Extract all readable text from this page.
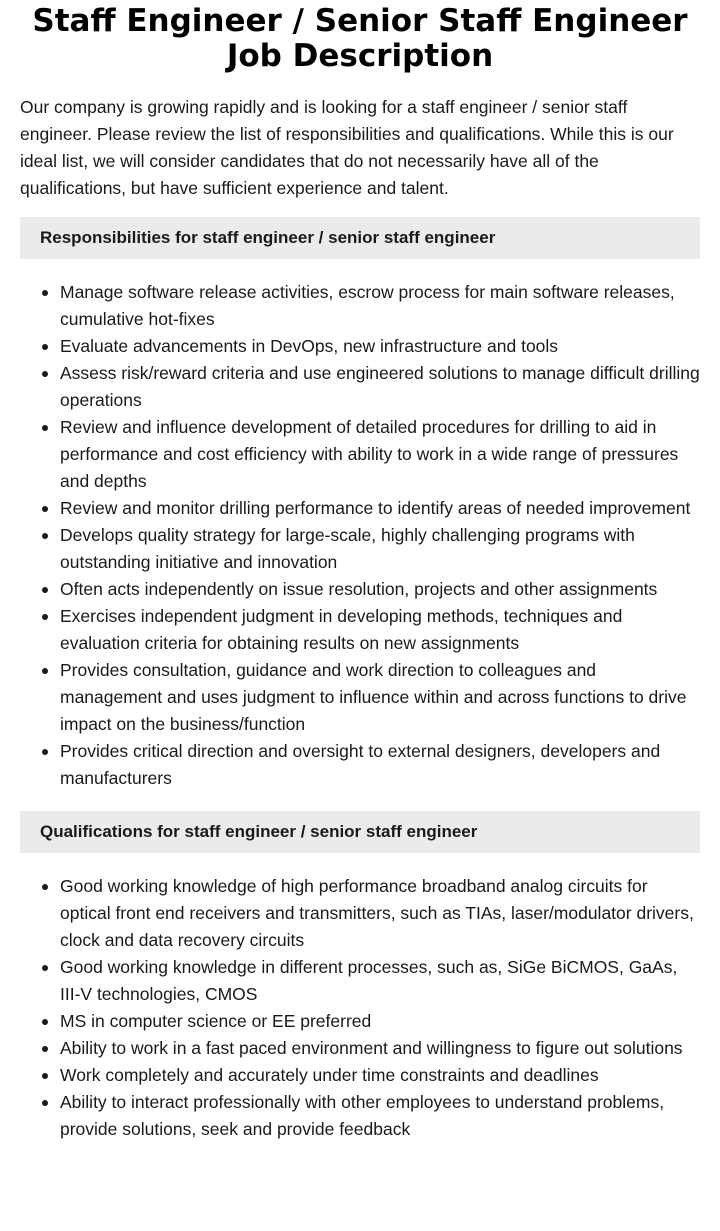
Staff Engineer / Senior Staff Engineer Job Description

Our company is growing rapidly and is looking for a staff engineer / senior staff engineer. Please review the list of responsibilities and qualifications. While this is our ideal list, we will consider candidates that do not necessarily have all of the qualifications, but have sufficient experience and talent.

Responsibilities for staff engineer / senior staff engineer
Manage software release activities, escrow process for main software releases, cumulative hot-fixes
Evaluate advancements in DevOps, new infrastructure and tools
Assess risk/reward criteria and use engineered solutions to manage difficult drilling operations
Review and influence development of detailed procedures for drilling to aid in performance and cost efficiency with ability to work in a wide range of pressures and depths
Review and monitor drilling performance to identify areas of needed improvement
Develops quality strategy for large-scale, highly challenging programs with outstanding initiative and innovation
Often acts independently on issue resolution, projects and other assignments
Exercises independent judgment in developing methods, techniques and evaluation criteria for obtaining results on new assignments
Provides consultation, guidance and work direction to colleagues and management and uses judgment to influence within and across functions to drive impact on the business/function
Provides critical direction and oversight to external designers, developers and manufacturers
Qualifications for staff engineer / senior staff engineer
Good working knowledge of high performance broadband analog circuits for optical front end receivers and transmitters, such as TIAs, laser/modulator drivers, clock and data recovery circuits
Good working knowledge in different processes, such as, SiGe BiCMOS, GaAs, III-V technologies, CMOS
MS in computer science or EE preferred
Ability to work in a fast paced environment and willingness to figure out solutions
Work completely and accurately under time constraints and deadlines
Ability to interact professionally with other employees to understand problems, provide solutions, seek and provide feedback
